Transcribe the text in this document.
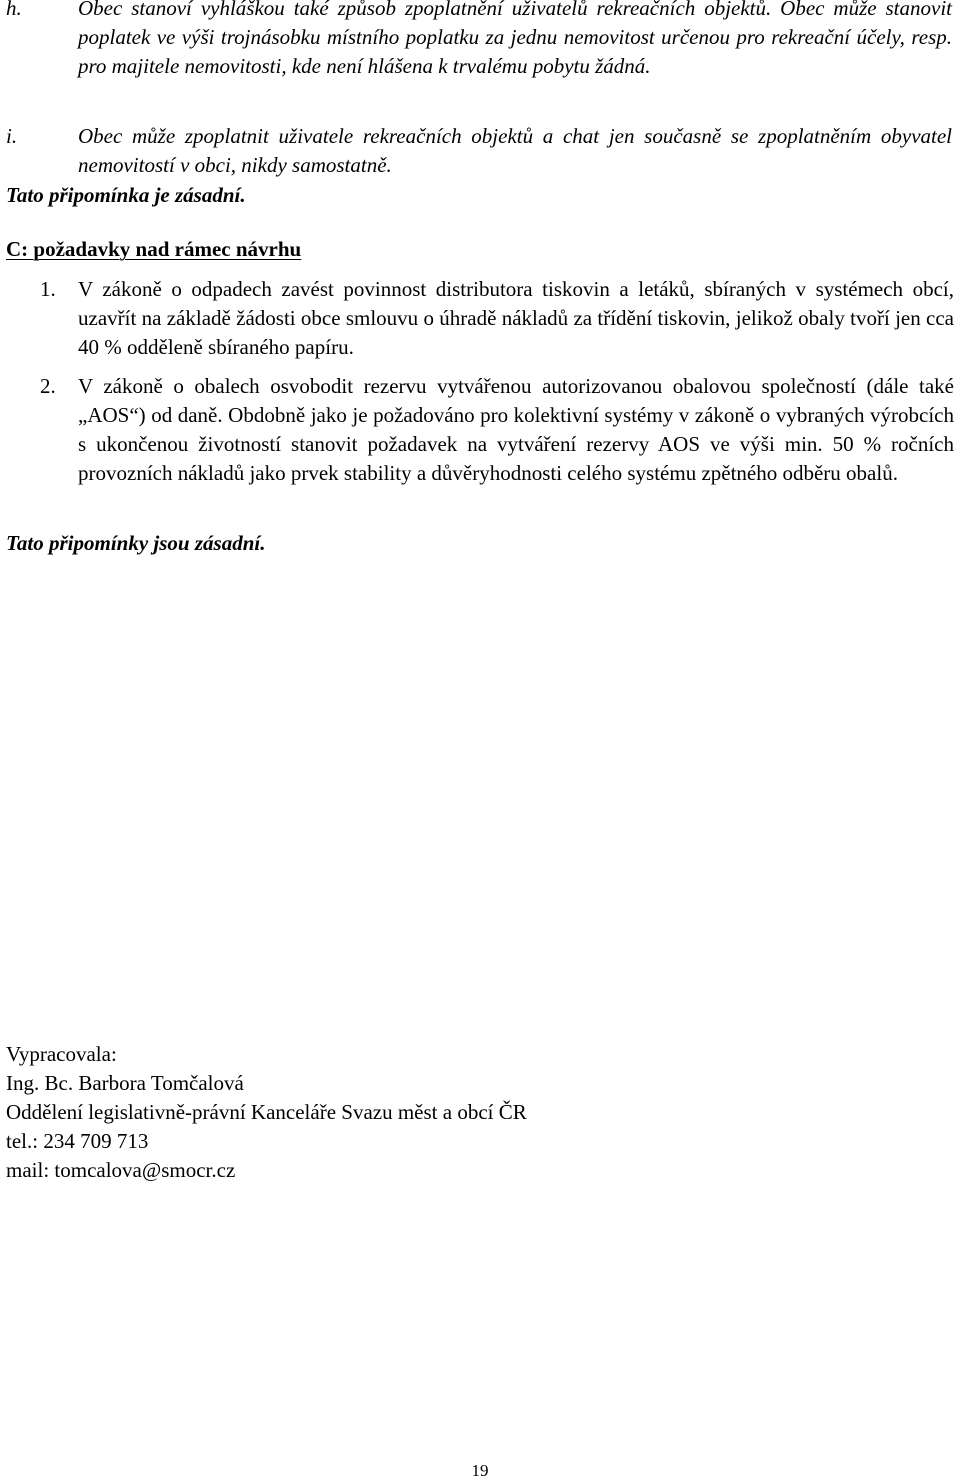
h.	Obec stanoví vyhláškou také způsob zpoplatnění uživatelů rekreačních objektů. Obec může stanovit poplatek ve výši trojnásobku místního poplatku za jednu nemovitost určenou pro rekreační účely, resp. pro majitele nemovitosti, kde není hlášena k trvalému pobytu žádná.
i.	Obec může zpoplatnit uživatele rekreačních objektů a chat jen současně se zpoplatněním obyvatel nemovitostí v obci, nikdy samostatně.
Tato připomínka je zásadní.
C: požadavky nad rámec návrhu
1.	V zákoně o odpadech zavést povinnost distributora tiskovin a letáků, sbíraných v systémech obcí, uzavřít na základě žádosti obce smlouvu o úhradě nákladů za třídění tiskovin, jelikož obaly tvoří jen cca 40 % odděleně sbíraného papíru.
2.	V zákoně o obalech osvobodit rezervu vytvářenou autorizovanou obalovou společností (dále také „AOS“) od daně. Obdobně jako je požadováno pro kolektivní systémy v zákoně o vybraných výrobcích s ukončenou životností stanovit požadavek na vytváření rezervy AOS ve výši min. 50 % ročních provozních nákladů jako prvek stability a důvěryhodnosti celého systému zpětného odběru obalů.
Tato připomínky jsou zásadní.
Vypracovala:
Ing. Bc. Barbora Tomčalová
Oddělení legislativně-právní Kanceláře Svazu měst a obcí ČR
tel.: 234 709 713
mail: tomcalova@smocr.cz
19
